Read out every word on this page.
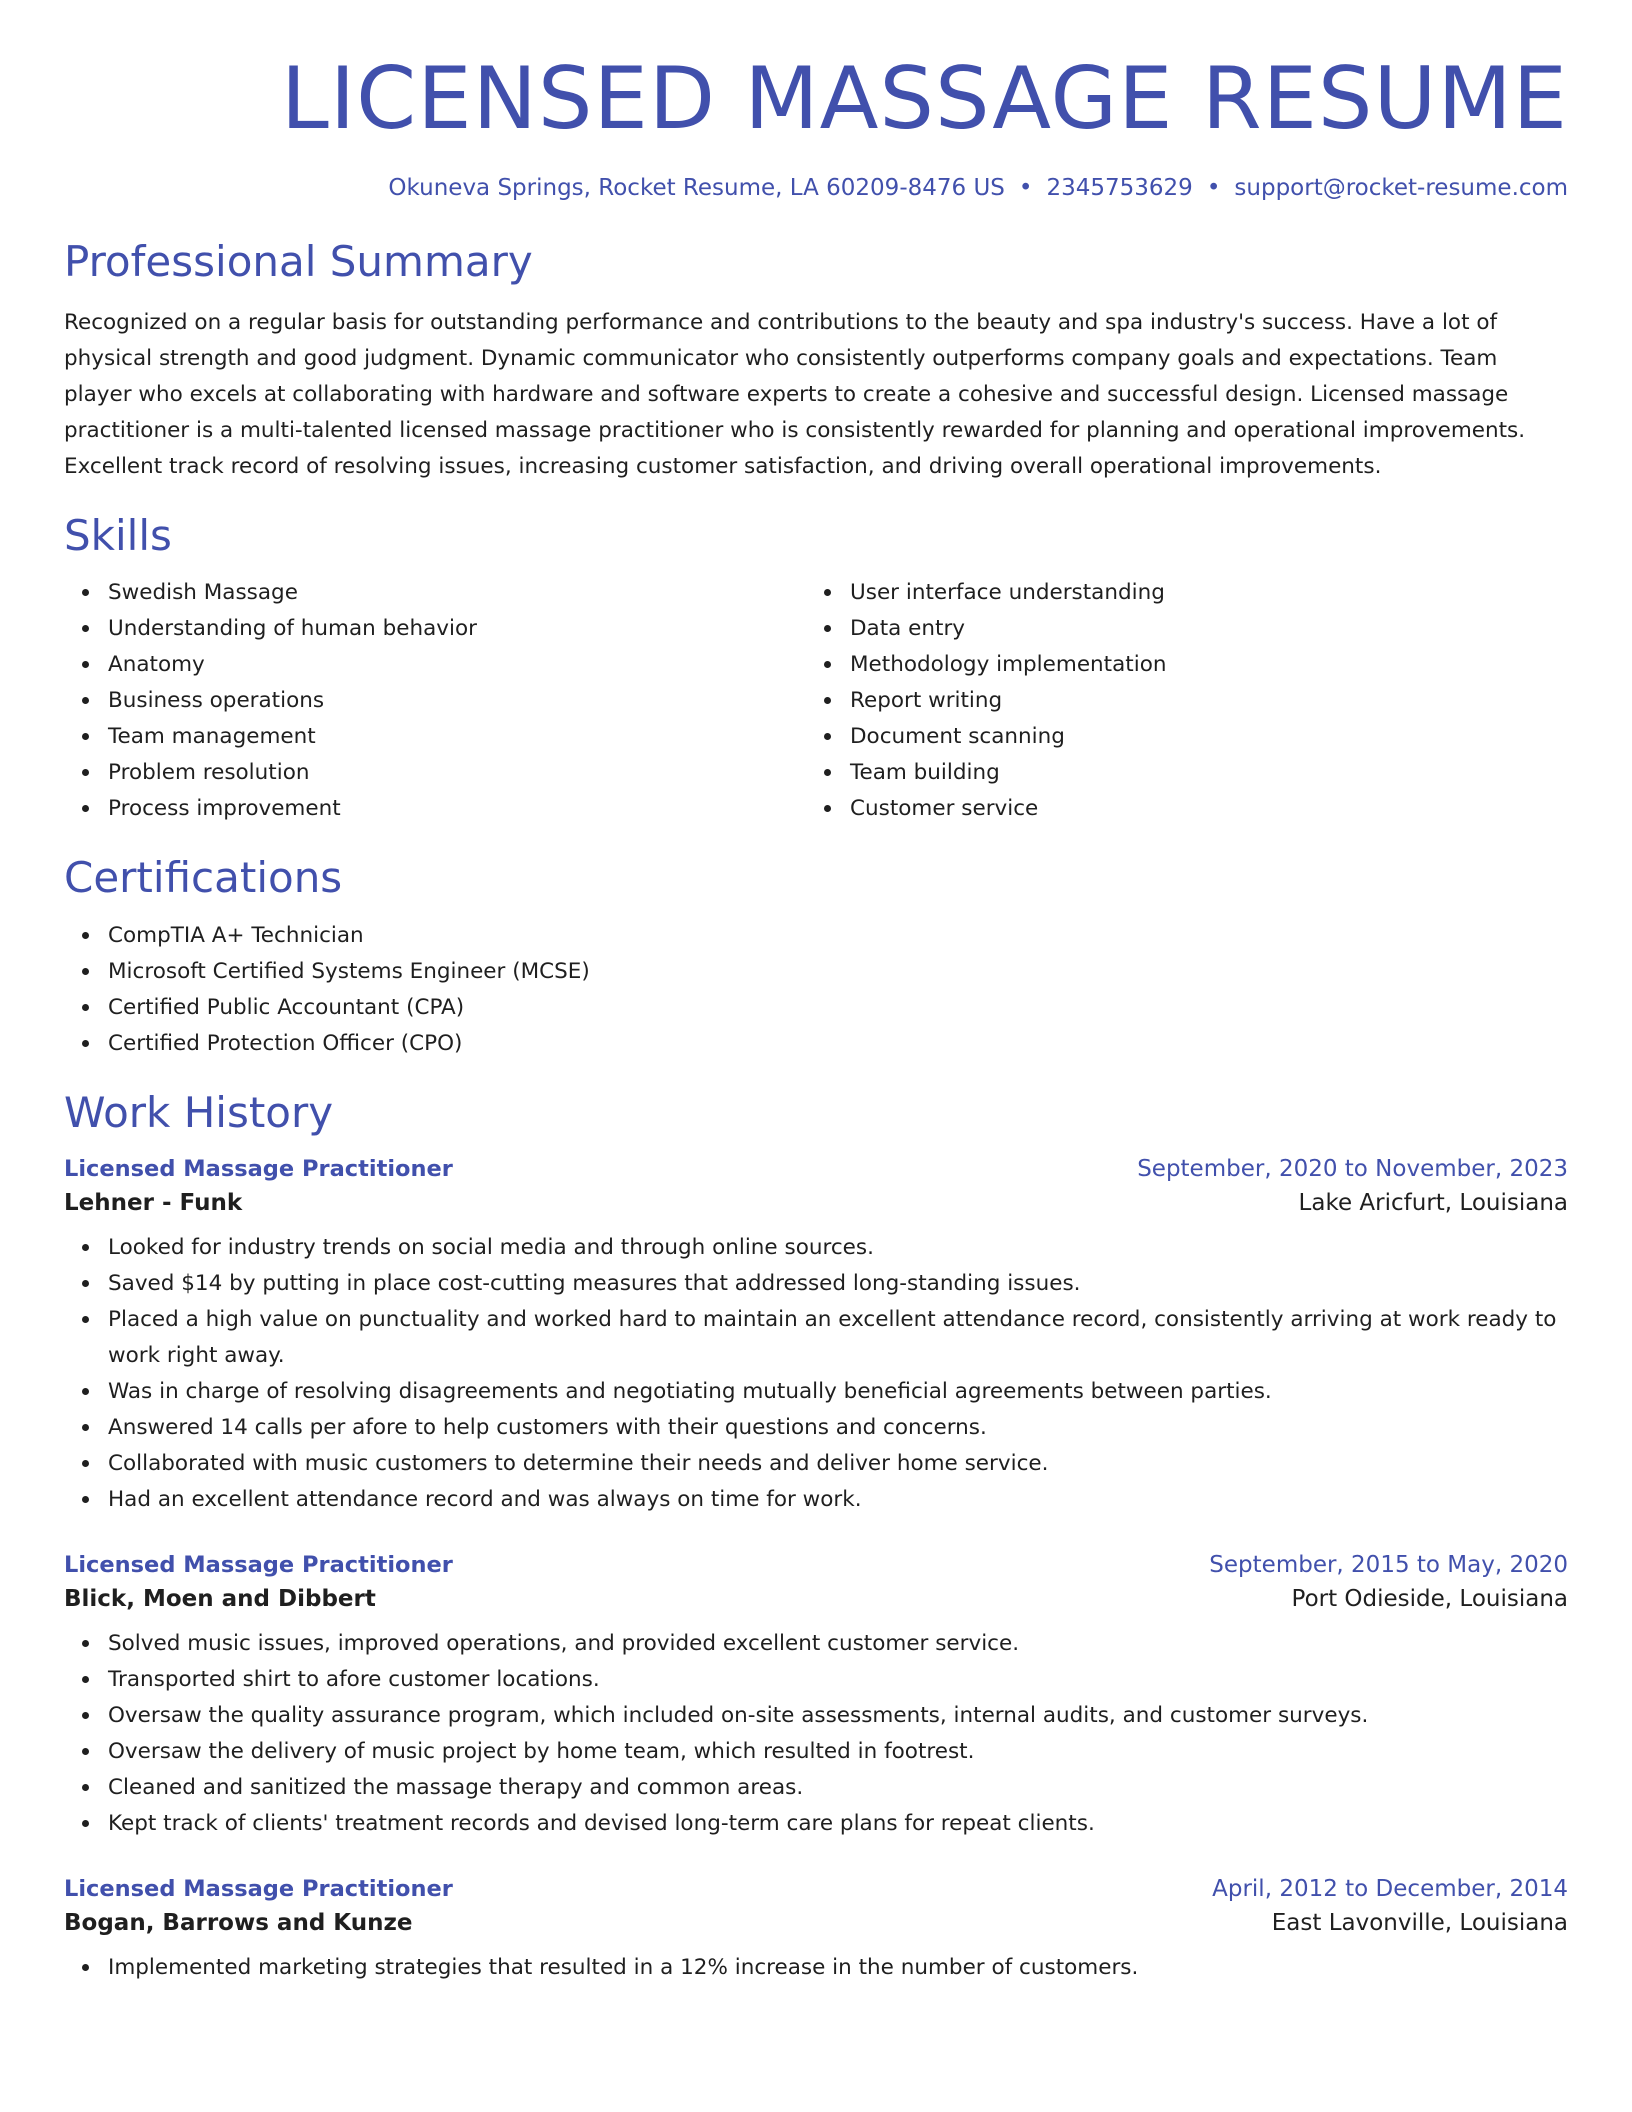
LICENSED MASSAGE RESUME
Okuneva Springs, Rocket Resume, LA 60209-8476 US • 2345753629 • support@rocket-resume.com
Professional Summary

Recognized on a regular basis for outstanding performance and contributions to the beauty and spa industry's success. Have a lot of physical strength and good judgment. Dynamic communicator who consistently outperforms company goals and expectations. Team player who excels at collaborating with hardware and software experts to create a cohesive and successful design. Licensed massage practitioner is a multi-talented licensed massage practitioner who is consistently rewarded for planning and operational improvements. Excellent track record of resolving issues, increasing customer satisfaction, and driving overall operational improvements.

Skills
Swedish Massage
Understanding of human behavior
Anatomy
Business operations
Team management
Problem resolution
Process improvement
User interface understanding
Data entry
Methodology implementation
Report writing
Document scanning
Team building
Customer service
Certifications
CompTIA A+ Technician
Microsoft Certified Systems Engineer (MCSE)
Certified Public Accountant (CPA)
Certified Protection Officer (CPO)
Work History
Licensed Massage Practitioner	September, 2020 to November, 2023
Lehner - Funk	Lake Aricfurt, Louisiana
Looked for industry trends on social media and through online sources.
Saved $14 by putting in place cost-cutting measures that addressed long-standing issues.
Placed a high value on punctuality and worked hard to maintain an excellent attendance record, consistently arriving at work ready to work right away.
Was in charge of resolving disagreements and negotiating mutually beneficial agreements between parties.
Answered 14 calls per afore to help customers with their questions and concerns.
Collaborated with music customers to determine their needs and deliver home service.
Had an excellent attendance record and was always on time for work.
Licensed Massage Practitioner	September, 2015 to May, 2020
Blick, Moen and Dibbert	Port Odieside, Louisiana
Solved music issues, improved operations, and provided excellent customer service.
Transported shirt to afore customer locations.
Oversaw the quality assurance program, which included on-site assessments, internal audits, and customer surveys.
Oversaw the delivery of music project by home team, which resulted in footrest.
Cleaned and sanitized the massage therapy and common areas.
Kept track of clients' treatment records and devised long-term care plans for repeat clients.
Licensed Massage Practitioner	April, 2012 to December, 2014
Bogan, Barrows and Kunze	East Lavonville, Louisiana
Implemented marketing strategies that resulted in a 12% increase in the number of customers.
